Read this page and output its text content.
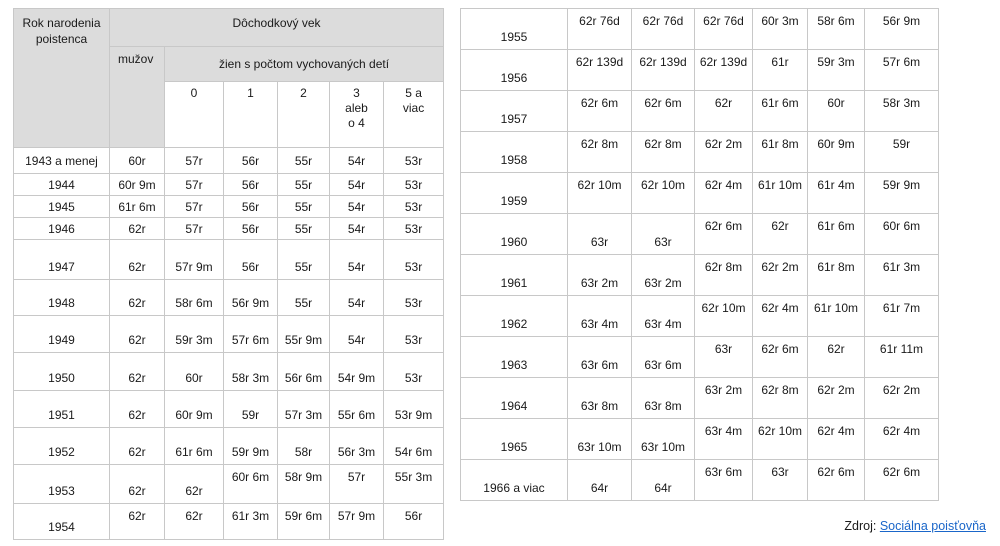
Rok narodenia poistenca	Dôchodkový vek					
	mužov	žien s počtom vychovaných detí				
		0	1	2	3 aleb o 4	5 a viac
1943 a menej	60r	57r	56r	55r	54r	53r
1944	60r 9m	57r	56r	55r	54r	53r
1945	61r 6m	57r	56r	55r	54r	53r
1946	62r	57r	56r	55r	54r	53r
1947	62r	57r 9m	56r	55r	54r	53r
1948	62r	58r 6m	56r 9m	55r	54r	53r
1949	62r	59r 3m	57r 6m	55r 9m	54r	53r
1950	62r	60r	58r 3m	56r 6m	54r 9m	53r
1951	62r	60r 9m	59r	57r 3m	55r 6m	53r 9m
1952	62r	61r 6m	59r 9m	58r	56r 3m	54r 6m
1953	62r	62r	60r 6m	58r 9m	57r	55r 3m
1954	62r	62r	61r 3m	59r 6m	57r 9m	56r
1955	62r 76d	62r 76d	62r 76d	60r 3m	58r 6m	56r 9m
1956	62r 139d	62r 139d	62r 139d	61r	59r 3m	57r 6m
1957	62r 6m	62r 6m	62r	61r 6m	60r	58r 3m
1958	62r 8m	62r 8m	62r 2m	61r 8m	60r 9m	59r
1959	62r 10m	62r 10m	62r 4m	61r 10m	61r 4m	59r 9m
1960	63r	63r	62r 6m	62r	61r 6m	60r 6m
1961	63r 2m	63r 2m	62r 8m	62r 2m	61r 8m	61r 3m
1962	63r 4m	63r 4m	62r 10m	62r 4m	61r 10m	61r 7m
1963	63r 6m	63r 6m	63r	62r 6m	62r	61r 11m
1964	63r 8m	63r 8m	63r 2m	62r 8m	62r 2m	62r 2m
1965	63r 10m	63r 10m	63r 4m	62r 10m	62r 4m	62r 4m
1966 a viac	64r	64r	63r 6m	63r	62r 6m	62r 6m
Zdroj: Sociálna poisťovňa
